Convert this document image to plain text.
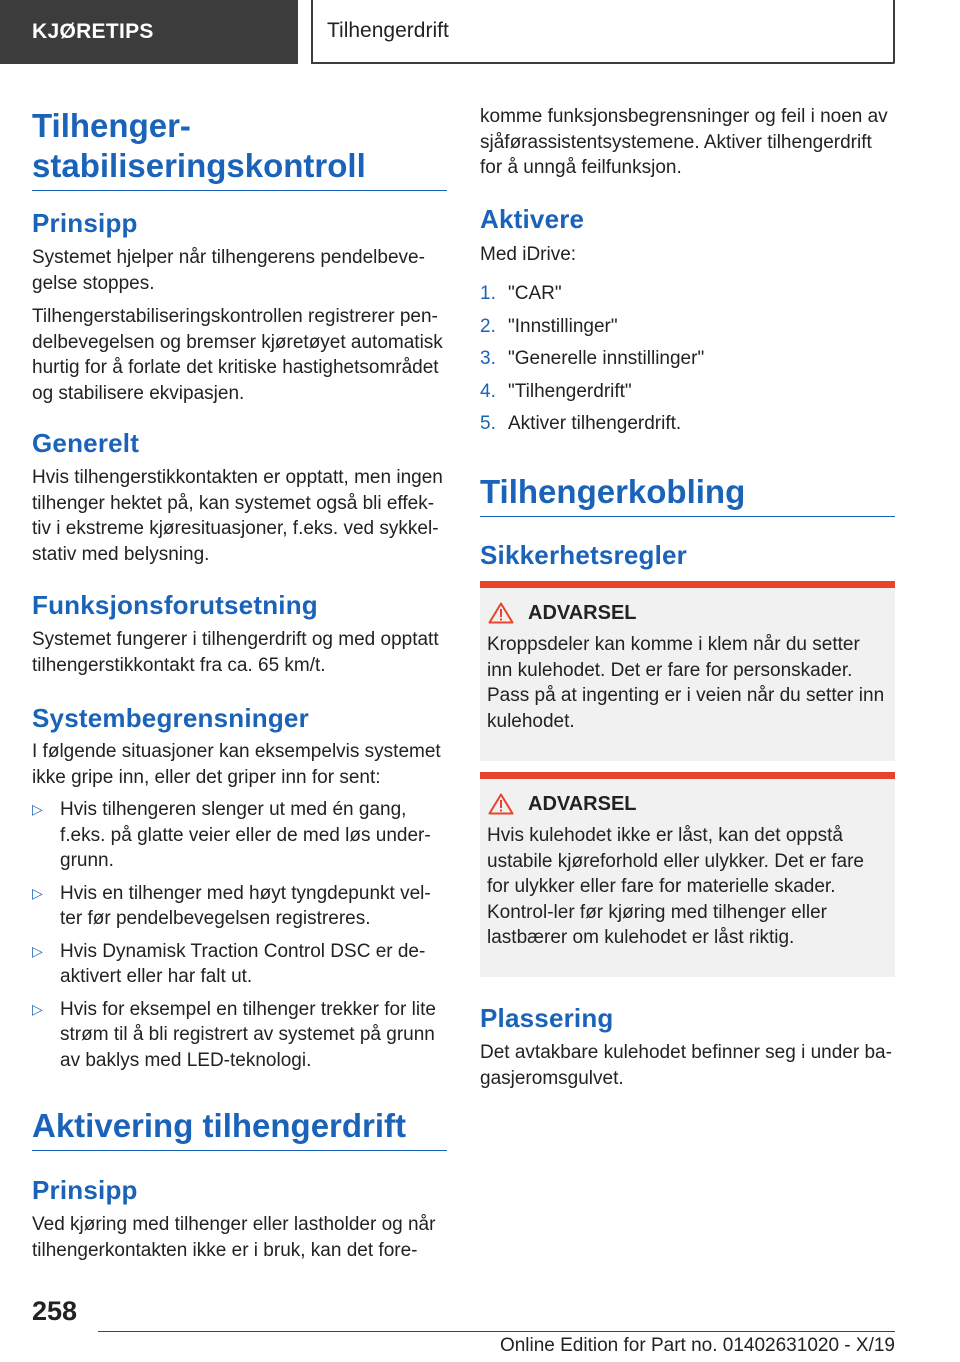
KJØRETIPS	Tilhengerdrift
Tilhenger-
stabiliseringskontroll
Prinsipp
Systemet hjelper når tilhengerens pendelbeve-gelse stoppes.
Tilhengerstabiliseringskontrollen registrerer pen-delbevegelsen og bremser kjøretøyet automatisk hurtig for å forlate det kritiske hastighetsområdet og stabilisere ekvipasjen.
Generelt
Hvis tilhengerstikkontakten er opptatt, men ingen tilhenger hektet på, kan systemet også bli effek-tiv i ekstreme kjøresituasjoner, f.eks. ved sykkel-stativ med belysning.
Funksjonsforutsetning
Systemet fungerer i tilhengerdrift og med opptatt tilhengerstikkontakt fra ca. 65 km/t.
Systembegrensninger
I følgende situasjoner kan eksempelvis systemet ikke gripe inn, eller det griper inn for sent:
▷ Hvis tilhengeren slenger ut med én gang, f.eks. på glatte veier eller de med løs under-grunn.
▷ Hvis en tilhenger med høyt tyngdepunkt vel-ter før pendelbevegelsen registreres.
▷ Hvis Dynamisk Traction Control DSC er de-aktivert eller har falt ut.
▷ Hvis for eksempel en tilhenger trekker for lite strøm til å bli registrert av systemet på grunn av baklys med LED-teknologi.
Aktivering tilhengerdrift
Prinsipp
Ved kjøring med tilhenger eller lastholder og når tilhengerkontakten ikke er i bruk, kan det fore-
komme funksjonsbegrensninger og feil i noen av sjåførassistentsystemene. Aktiver tilhengerdrift for å unngå feilfunksjon.
Aktivere
Med iDrive:
1. "CAR"
2. "Innstillinger"
3. "Generelle innstillinger"
4. "Tilhengerdrift"
5. Aktiver tilhengerdrift.
Tilhengerkobling
Sikkerhetsregler
ADVARSEL
Kroppsdeler kan komme i klem når du setter inn kulehodet. Det er fare for personskader. Pass på at ingenting er i veien når du setter inn kulehodet.
ADVARSEL
Hvis kulehodet ikke er låst, kan det oppstå ustabile kjøreforhold eller ulykker. Det er fare for ulykker eller fare for materielle skader. Kontrol-ler før kjøring med tilhenger eller lastbærer om kulehodet er låst riktig.
Plassering
Det avtakbare kulehodet befinner seg i under ba-gasjeromsgulvet.
258
Online Edition for Part no. 01402631020 - X/19
